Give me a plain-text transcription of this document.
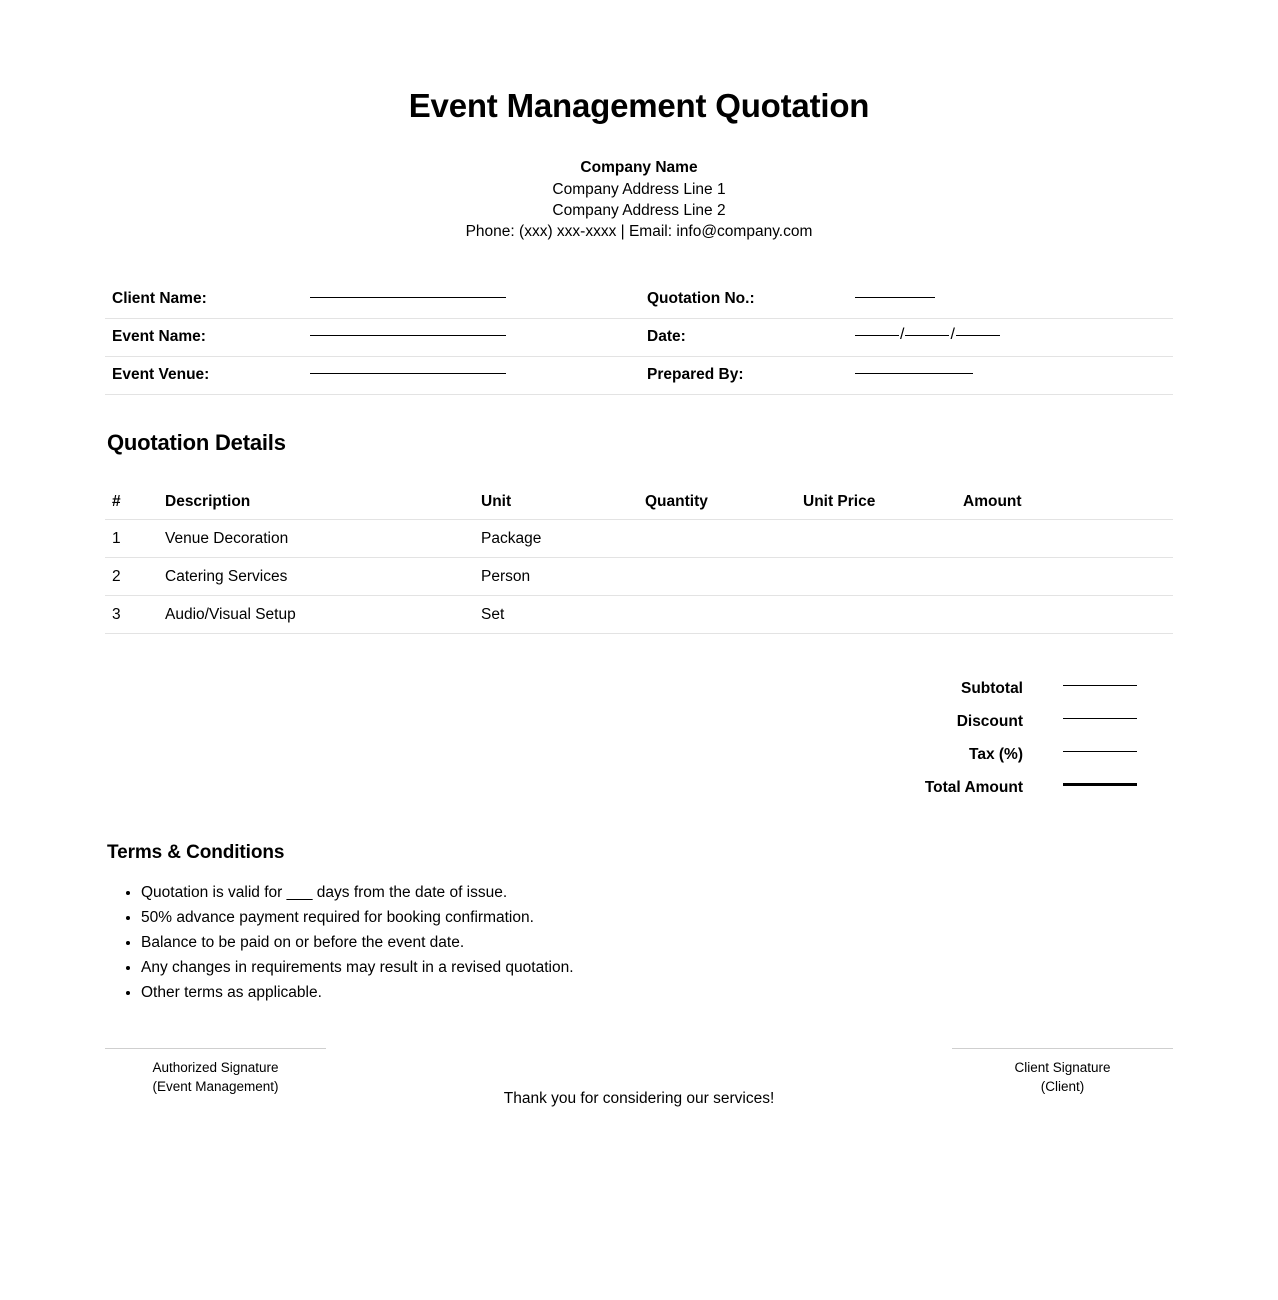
Event Management Quotation
Company Name
Company Address Line 1
Company Address Line 2
Phone: (xxx) xxx-xxxx | Email: info@company.com
Client Name:		Quotation No.:	
Event Name:		Date:	/ /
Event Venue:		Prepared By:	
Quotation Details
#	Description	Unit	Quantity	Unit Price	Amount
1	Venue Decoration	Package			
2	Catering Services	Person			
3	Audio/Visual Setup	Set			
Subtotal	
Discount	
Tax (%)	
Total Amount	
Terms & Conditions
• Quotation is valid for ___ days from the date of issue.
• 50% advance payment required for booking confirmation.
• Balance to be paid on or before the event date.
• Any changes in requirements may result in a revised quotation.
• Other terms as applicable.
Authorized Signature
(Event Management)
Client Signature
(Client)
Thank you for considering our services!
